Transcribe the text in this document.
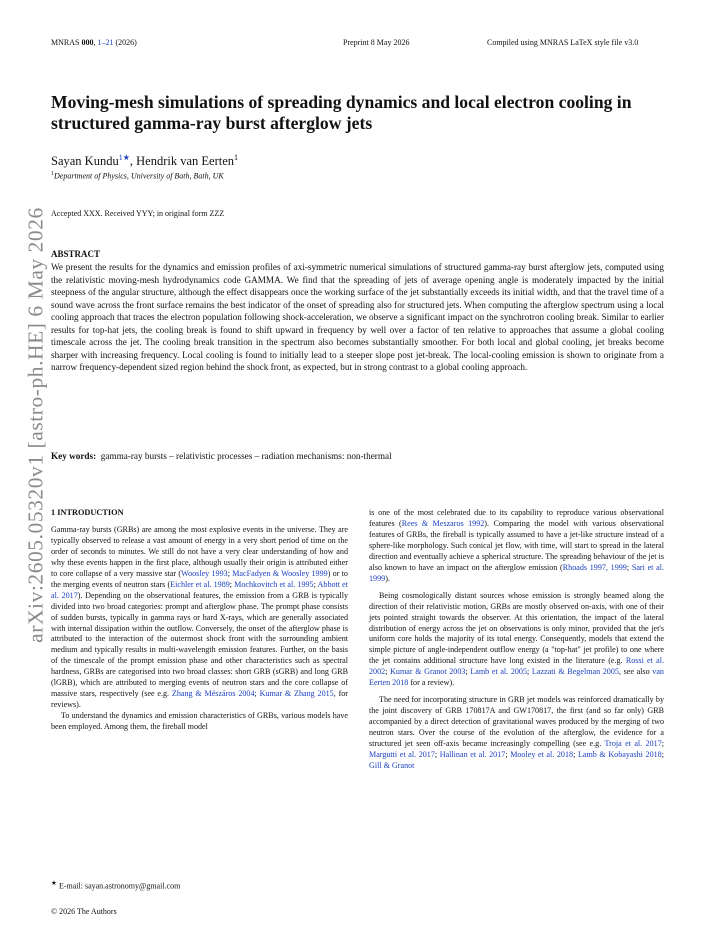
MNRAS 000, 1–21 (2026)	Preprint 8 May 2026	Compiled using MNRAS LaTeX style file v3.0
arXiv:2605.05320v1 [astro-ph.HE] 6 May 2026
Moving-mesh simulations of spreading dynamics and local electron cooling in structured gamma-ray burst afterglow jets
Sayan Kundu$^{1★}$, Hendrik van Eerten$^1$
$^1$Department of Physics, University of Bath, Bath, UK
Accepted XXX. Received YYY; in original form ZZZ
ABSTRACT
We present the results for the dynamics and emission profiles of axi-symmetric numerical simulations of structured gamma-ray burst afterglow jets, computed using the relativistic moving-mesh hydrodynamics code GAMMA. We find that the spreading of jets of average opening angle is moderately impacted by the initial steepness of the angular structure, although the effect disappears once the working surface of the jet substantially exceeds its initial width, and that the travel time of a sound wave across the front surface remains the best indicator of the onset of spreading also for structured jets. When computing the afterglow spectrum using a local cooling approach that traces the electron population following shock-acceleration, we observe a significant impact on the synchrotron cooling break. Similar to earlier results for top-hat jets, the cooling break is found to shift upward in frequency by well over a factor of ten relative to approaches that assume a global cooling timescale across the jet. The cooling break transition in the spectrum also becomes substantially smoother. For both local and global cooling, jet breaks become sharper with increasing frequency. Local cooling is found to initially lead to a steeper slope post jet-break. The local-cooling emission is shown to originate from a narrow frequency-dependent sized region behind the shock front, as expected, but in strong contrast to a global cooling approach.
Key words: gamma-ray bursts – relativistic processes – radiation mechanisms: non-thermal
1 INTRODUCTION

Gamma-ray bursts (GRBs) are among the most explosive events in the universe. They are typically observed to release a vast amount of energy in a very short period of time on the order of seconds to minutes. We still do not have a very clear understanding of how and why these events happen in the first place, although usually their origin is attributed either to core collapse of a very massive star (Woosley 1993; MacFadyen & Woosley 1999) or to the merging events of neutron stars (Eichler et al. 1989; Mochkovitch et al. 1995; Abbott et al. 2017). Depending on the observational features, the emission from a GRB is typically divided into two broad categories: prompt and afterglow phase. The prompt phase consists of sudden bursts, typically in gamma rays or hard X-rays, which are generally associated with internal dissipation within the outflow. Conversely, the onset of the afterglow phase is attributed to the interaction of the outermost shock front with the surrounding ambient medium and typically results in multi-wavelength emission features. Further, on the basis of the timescale of the prompt emission phase and other characteristics such as spectral hardness, GRBs are categorised into two broad classes: short GRB (sGRB) and long GRB (lGRB), which are attributed to merging events of neutron stars and the core collapse of massive stars, respectively (see e.g. Zhang & Mészáros 2004; Kumar & Zhang 2015, for reviews).

To understand the dynamics and emission characteristics of GRBs, various models have been employed. Among them, the fireball model

is one of the most celebrated due to its capability to reproduce various observational features (Rees & Meszaros 1992). Comparing the model with various observational features of GRBs, the fireball is typically assumed to have a jet-like structure instead of a sphere-like morphology. Such conical jet flow, with time, will start to spread in the lateral direction and eventually achieve a spherical structure. The spreading behaviour of the jet is also known to have an impact on the afterglow emission (Rhoads 1997, 1999; Sari et al. 1999).

Being cosmologically distant sources whose emission is strongly beamed along the direction of their relativistic motion, GRBs are mostly observed on-axis, with one of their jets pointed straight towards the observer. At this orientation, the impact of the lateral distribution of energy across the jet on observations is only minor, provided that the jet's uniform core holds the majority of its total energy. Consequently, models that extend the simple picture of angle-independent outflow energy (a "top-hat" jet profile) to one where the jet contains additional structure have long existed in the literature (e.g. Rossi et al. 2002; Kumar & Granot 2003; Lamb et al. 2005; Lazzati & Begelman 2005, see also van Eerten 2018 for a review).

The need for incorporating structure in GRB jet models was reinforced dramatically by the joint discovery of GRB 170817A and GW170817, the first (and so far only) GRB accompanied by a direct detection of gravitational waves produced by the merging of two neutron stars. Over the course of the evolution of the afterglow, the evidence for a structured jet seen off-axis became increasingly compelling (see e.g. Troja et al. 2017; Margutti et al. 2017; Hallinan et al. 2017; Mooley et al. 2018; Lamb & Kobayashi 2018; Gill & Granot

★ E-mail: sayan.astronomy@gmail.com
© 2026 The Authors
